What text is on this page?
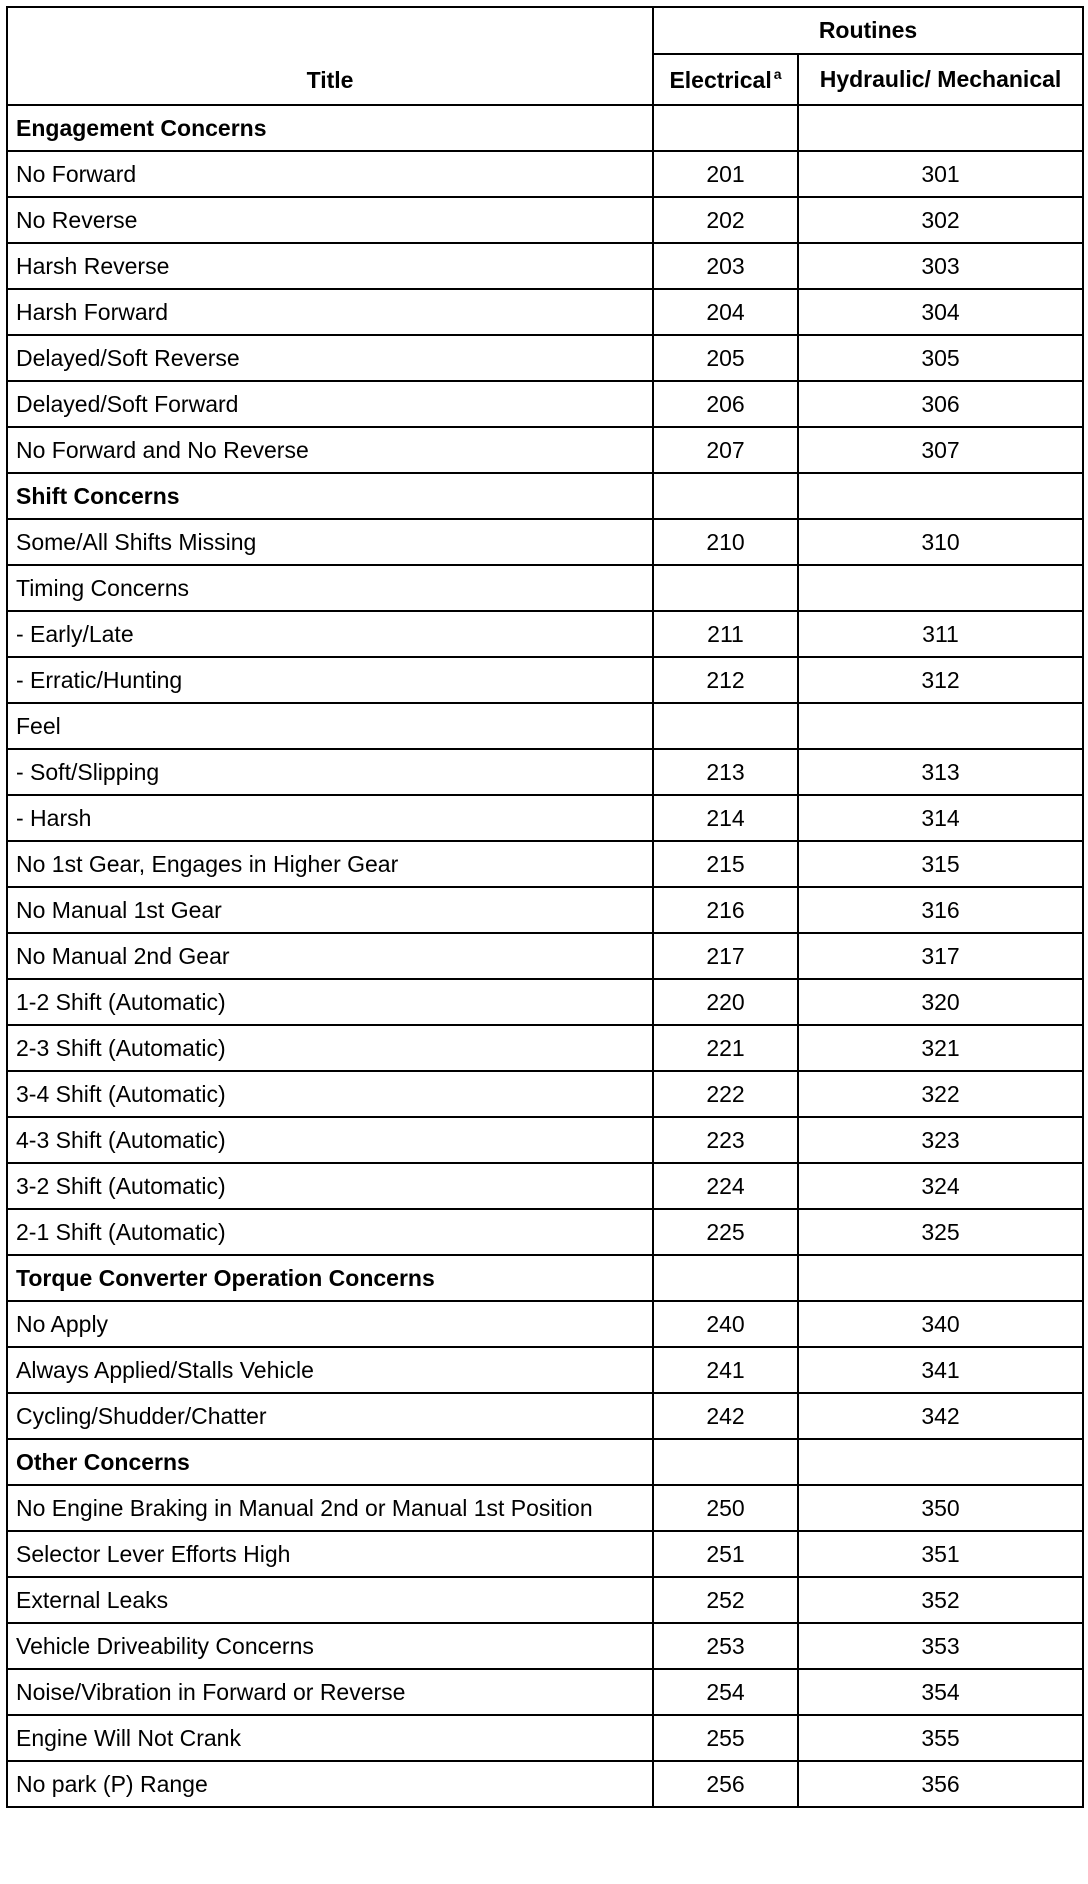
Title	Routines	
	Electrical $^a$	Hydraulic/ Mechanical
Engagement Concerns		
No Forward	201	301
No Reverse	202	302
Harsh Reverse	203	303
Harsh Forward	204	304
Delayed/Soft Reverse	205	305
Delayed/Soft Forward	206	306
No Forward and No Reverse	207	307
Shift Concerns		
Some/All Shifts Missing	210	310
Timing Concerns		
- Early/Late	211	311
- Erratic/Hunting	212	312
Feel		
- Soft/Slipping	213	313
- Harsh	214	314
No 1st Gear, Engages in Higher Gear	215	315
No Manual 1st Gear	216	316
No Manual 2nd Gear	217	317
1-2 Shift (Automatic)	220	320
2-3 Shift (Automatic)	221	321
3-4 Shift (Automatic)	222	322
4-3 Shift (Automatic)	223	323
3-2 Shift (Automatic)	224	324
2-1 Shift (Automatic)	225	325
Torque Converter Operation Concerns		
No Apply	240	340
Always Applied/Stalls Vehicle	241	341
Cycling/Shudder/Chatter	242	342
Other Concerns		
No Engine Braking in Manual 2nd or Manual 1st Position	250	350
Selector Lever Efforts High	251	351
External Leaks	252	352
Vehicle Driveability Concerns	253	353
Noise/Vibration in Forward or Reverse	254	354
Engine Will Not Crank	255	355
No park (P) Range	256	356
